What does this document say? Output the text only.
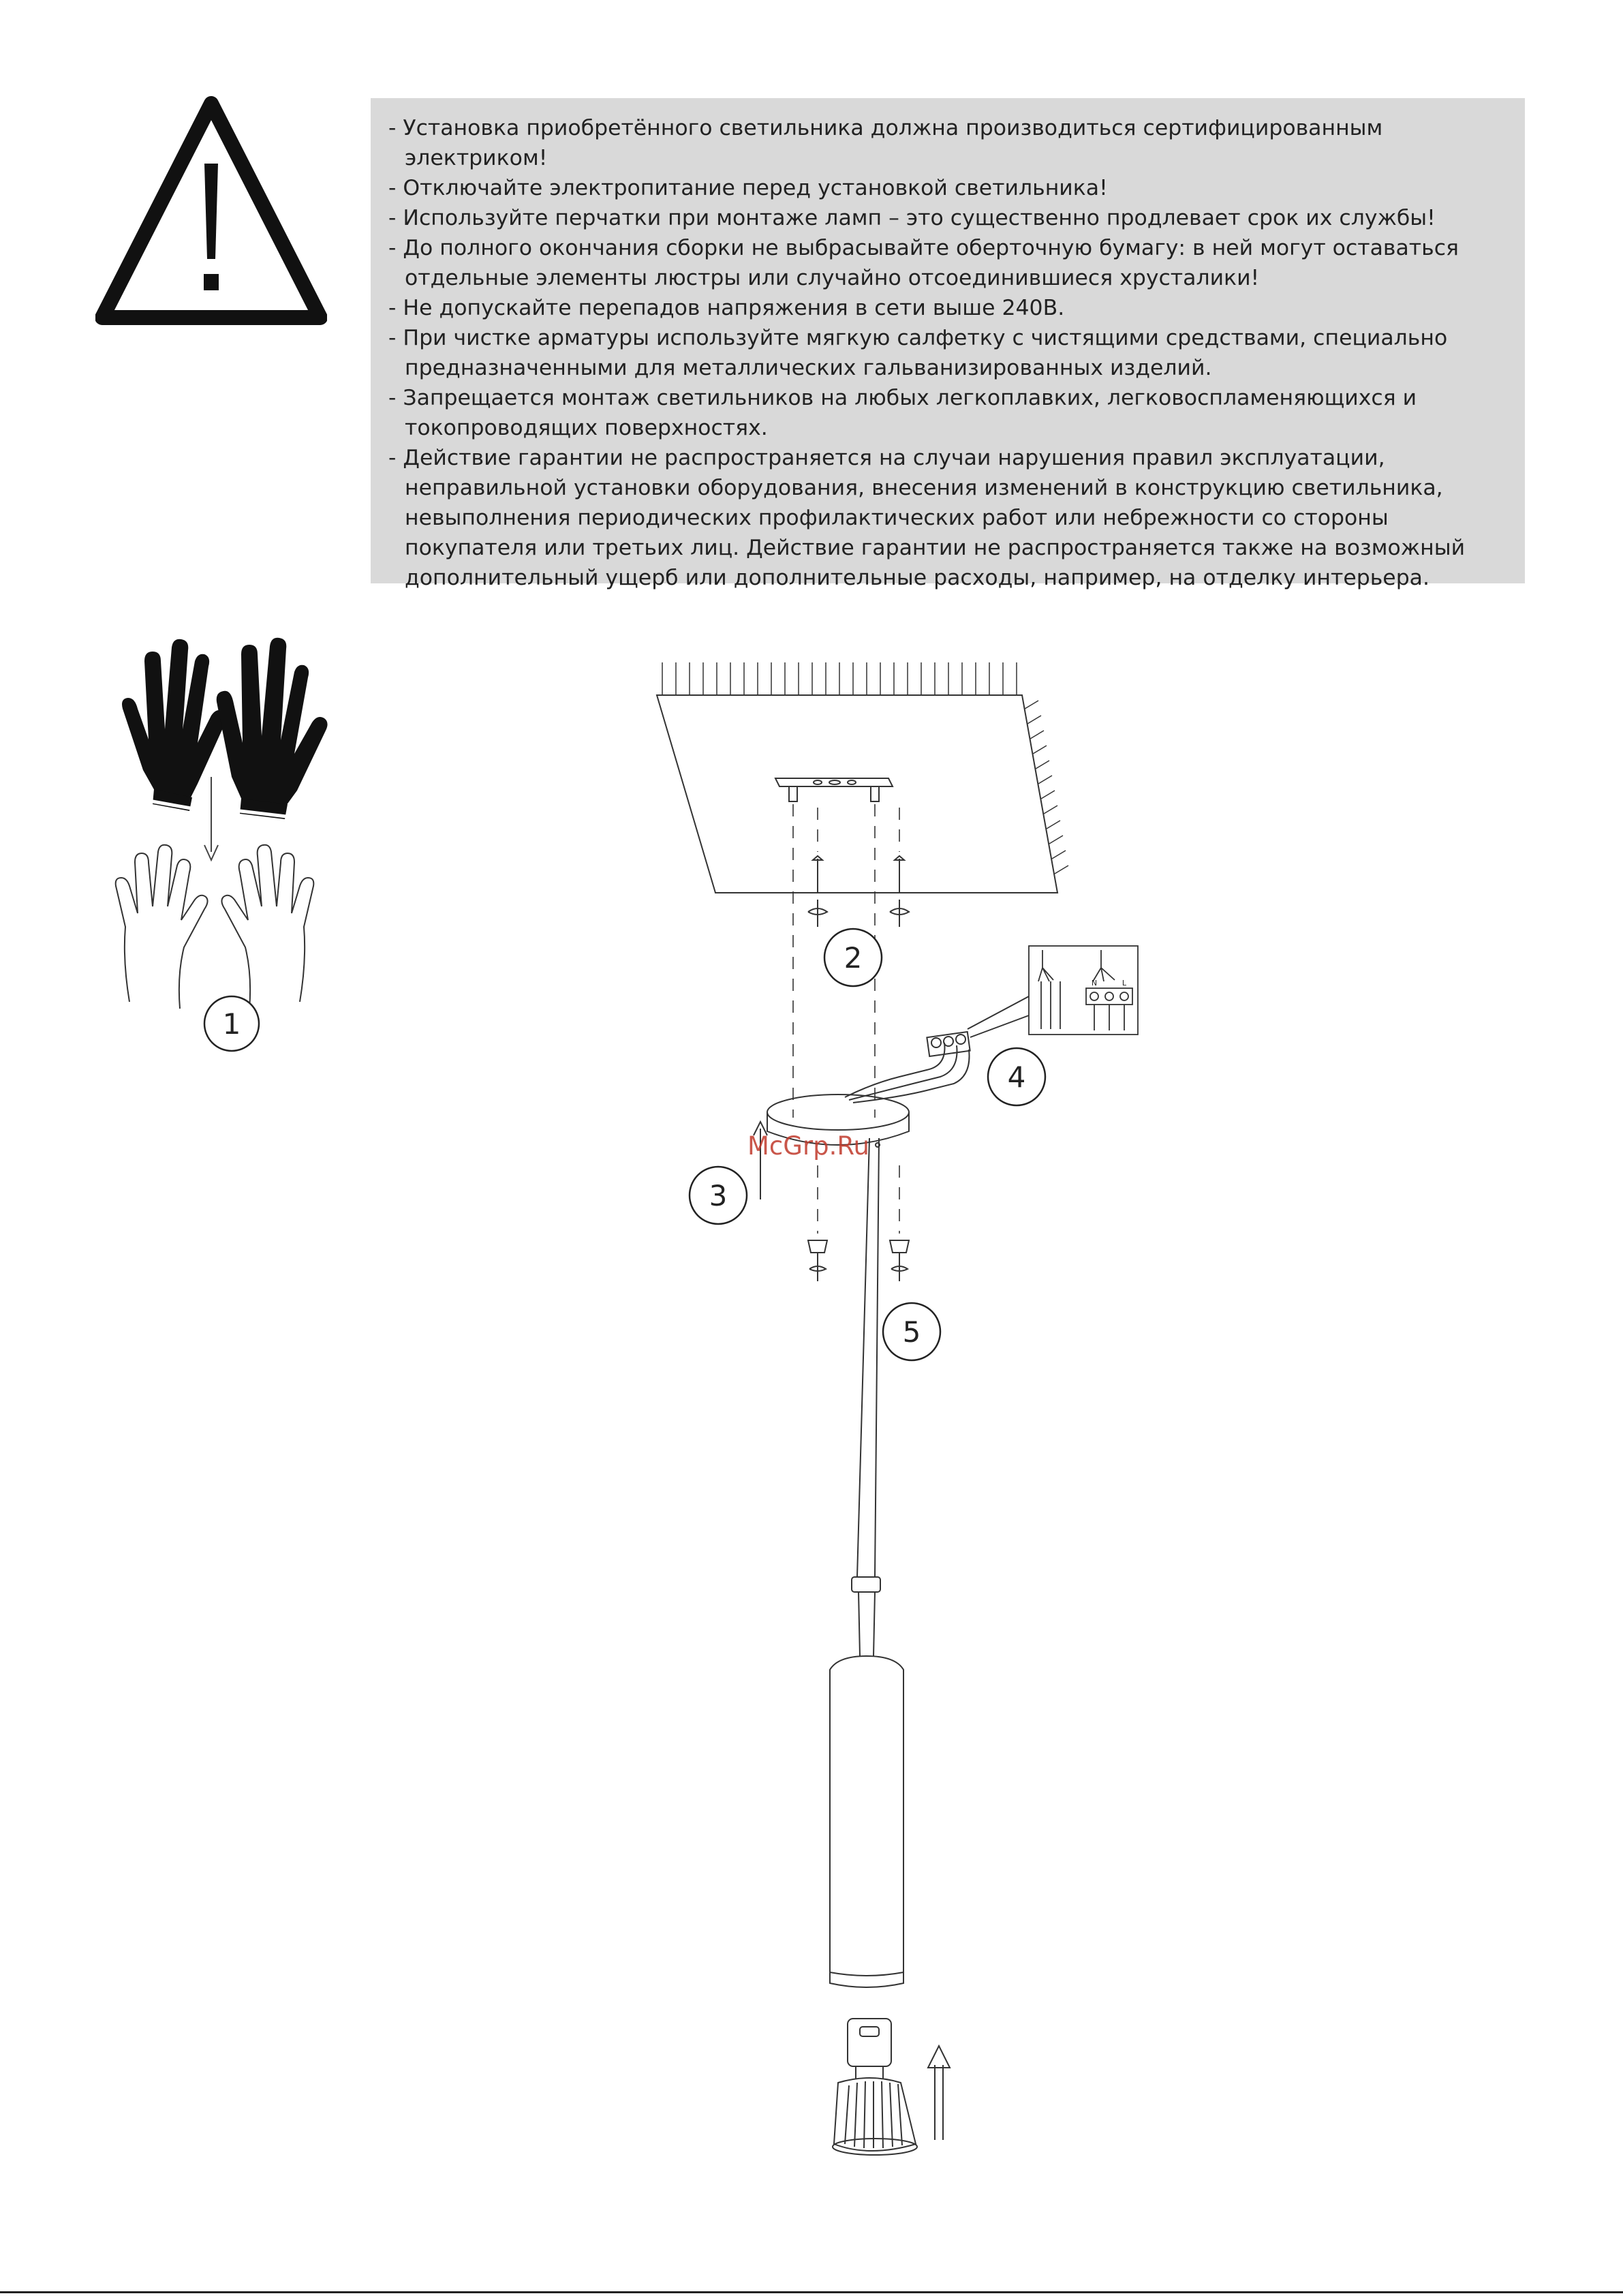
- Установка приобретённого светильника должна производиться сертифицированным электриком!
- Отключайте электропитание перед установкой светильника!
- Используйте перчатки при монтаже ламп – это существенно продлевает срок их службы!
- До полного окончания сборки не выбрасывайте оберточную бумагу: в ней могут оставаться отдельные элементы люстры или случайно отсоединившиеся хрусталики!
- Не допускайте перепадов напряжения в сети выше 240В.
- При чистке арматуры используйте мягкую салфетку с чистящими средствами, специально предназначенными для металлических гальванизированных изделий.
- Запрещается монтаж светильников на любых легкоплавких, легковоспламеняющихся и токопроводящих поверхностях.
- Действие гарантии не распространяется на случаи нарушения правил эксплуатации, неправильной установки оборудования, внесения изменений в конструкцию светильника, невыполнения периодических профилактических работ или небрежности со стороны покупателя или третьих лиц. Действие гарантии не распространяется также на возможный дополнительный ущерб или дополнительные расходы, например, на отделку интерьера.
1
2
4
3
5
N	L
McGrp.Ru
